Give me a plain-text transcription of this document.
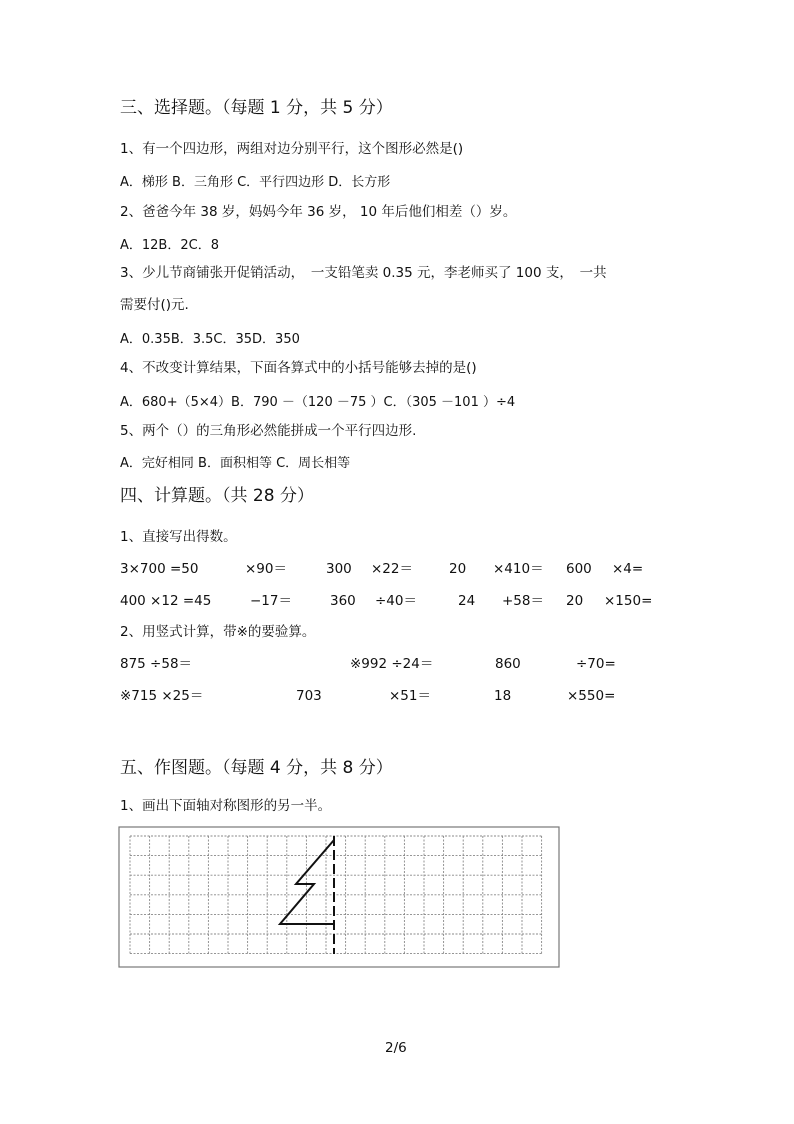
三、选择题。（每题 1 分，共 5 分）
1、有一个四边形，两组对边分别平行，这个图形必然是()
A．梯形 B．三角形 C．平行四边形 D．长方形
2、爸爸今年 38 岁，妈妈今年 36 岁， 10 年后他们相差（）岁。
A．12B．2C．8
3、少儿节商铺张开促销活动，　一支铅笔卖 0.35 元，李老师买了 100 支，　一共
需要付()元.
A．0.35B．3.5C．35D．350
4、不改变计算结果，下面各算式中的小括号能够去掉的是()
A．680+（5×4）B．790 －（120 －75 ）C．（305 －101 ）÷4
5、两个（）的三角形必然能拼成一个平行四边形.
A．完好相同 B．面积相等 C．周长相等
四、计算题。（共 28 分）
1、直接写出得数。
3×700 =50	×90＝	300 ×22＝	20 ×410＝ 600 ×4=
400 ×12 =45	−17＝	360 ÷40＝	24 +58＝ 20 ×150=
2、用竖式计算，带※的要验算。
875 ÷58＝	※992 ÷24＝	860	÷70=
※715 ×25＝	703	×51＝	18	×550=
五、作图题。（每题 4 分，共 8 分）
1、画出下面轴对称图形的另一半。
2/6
